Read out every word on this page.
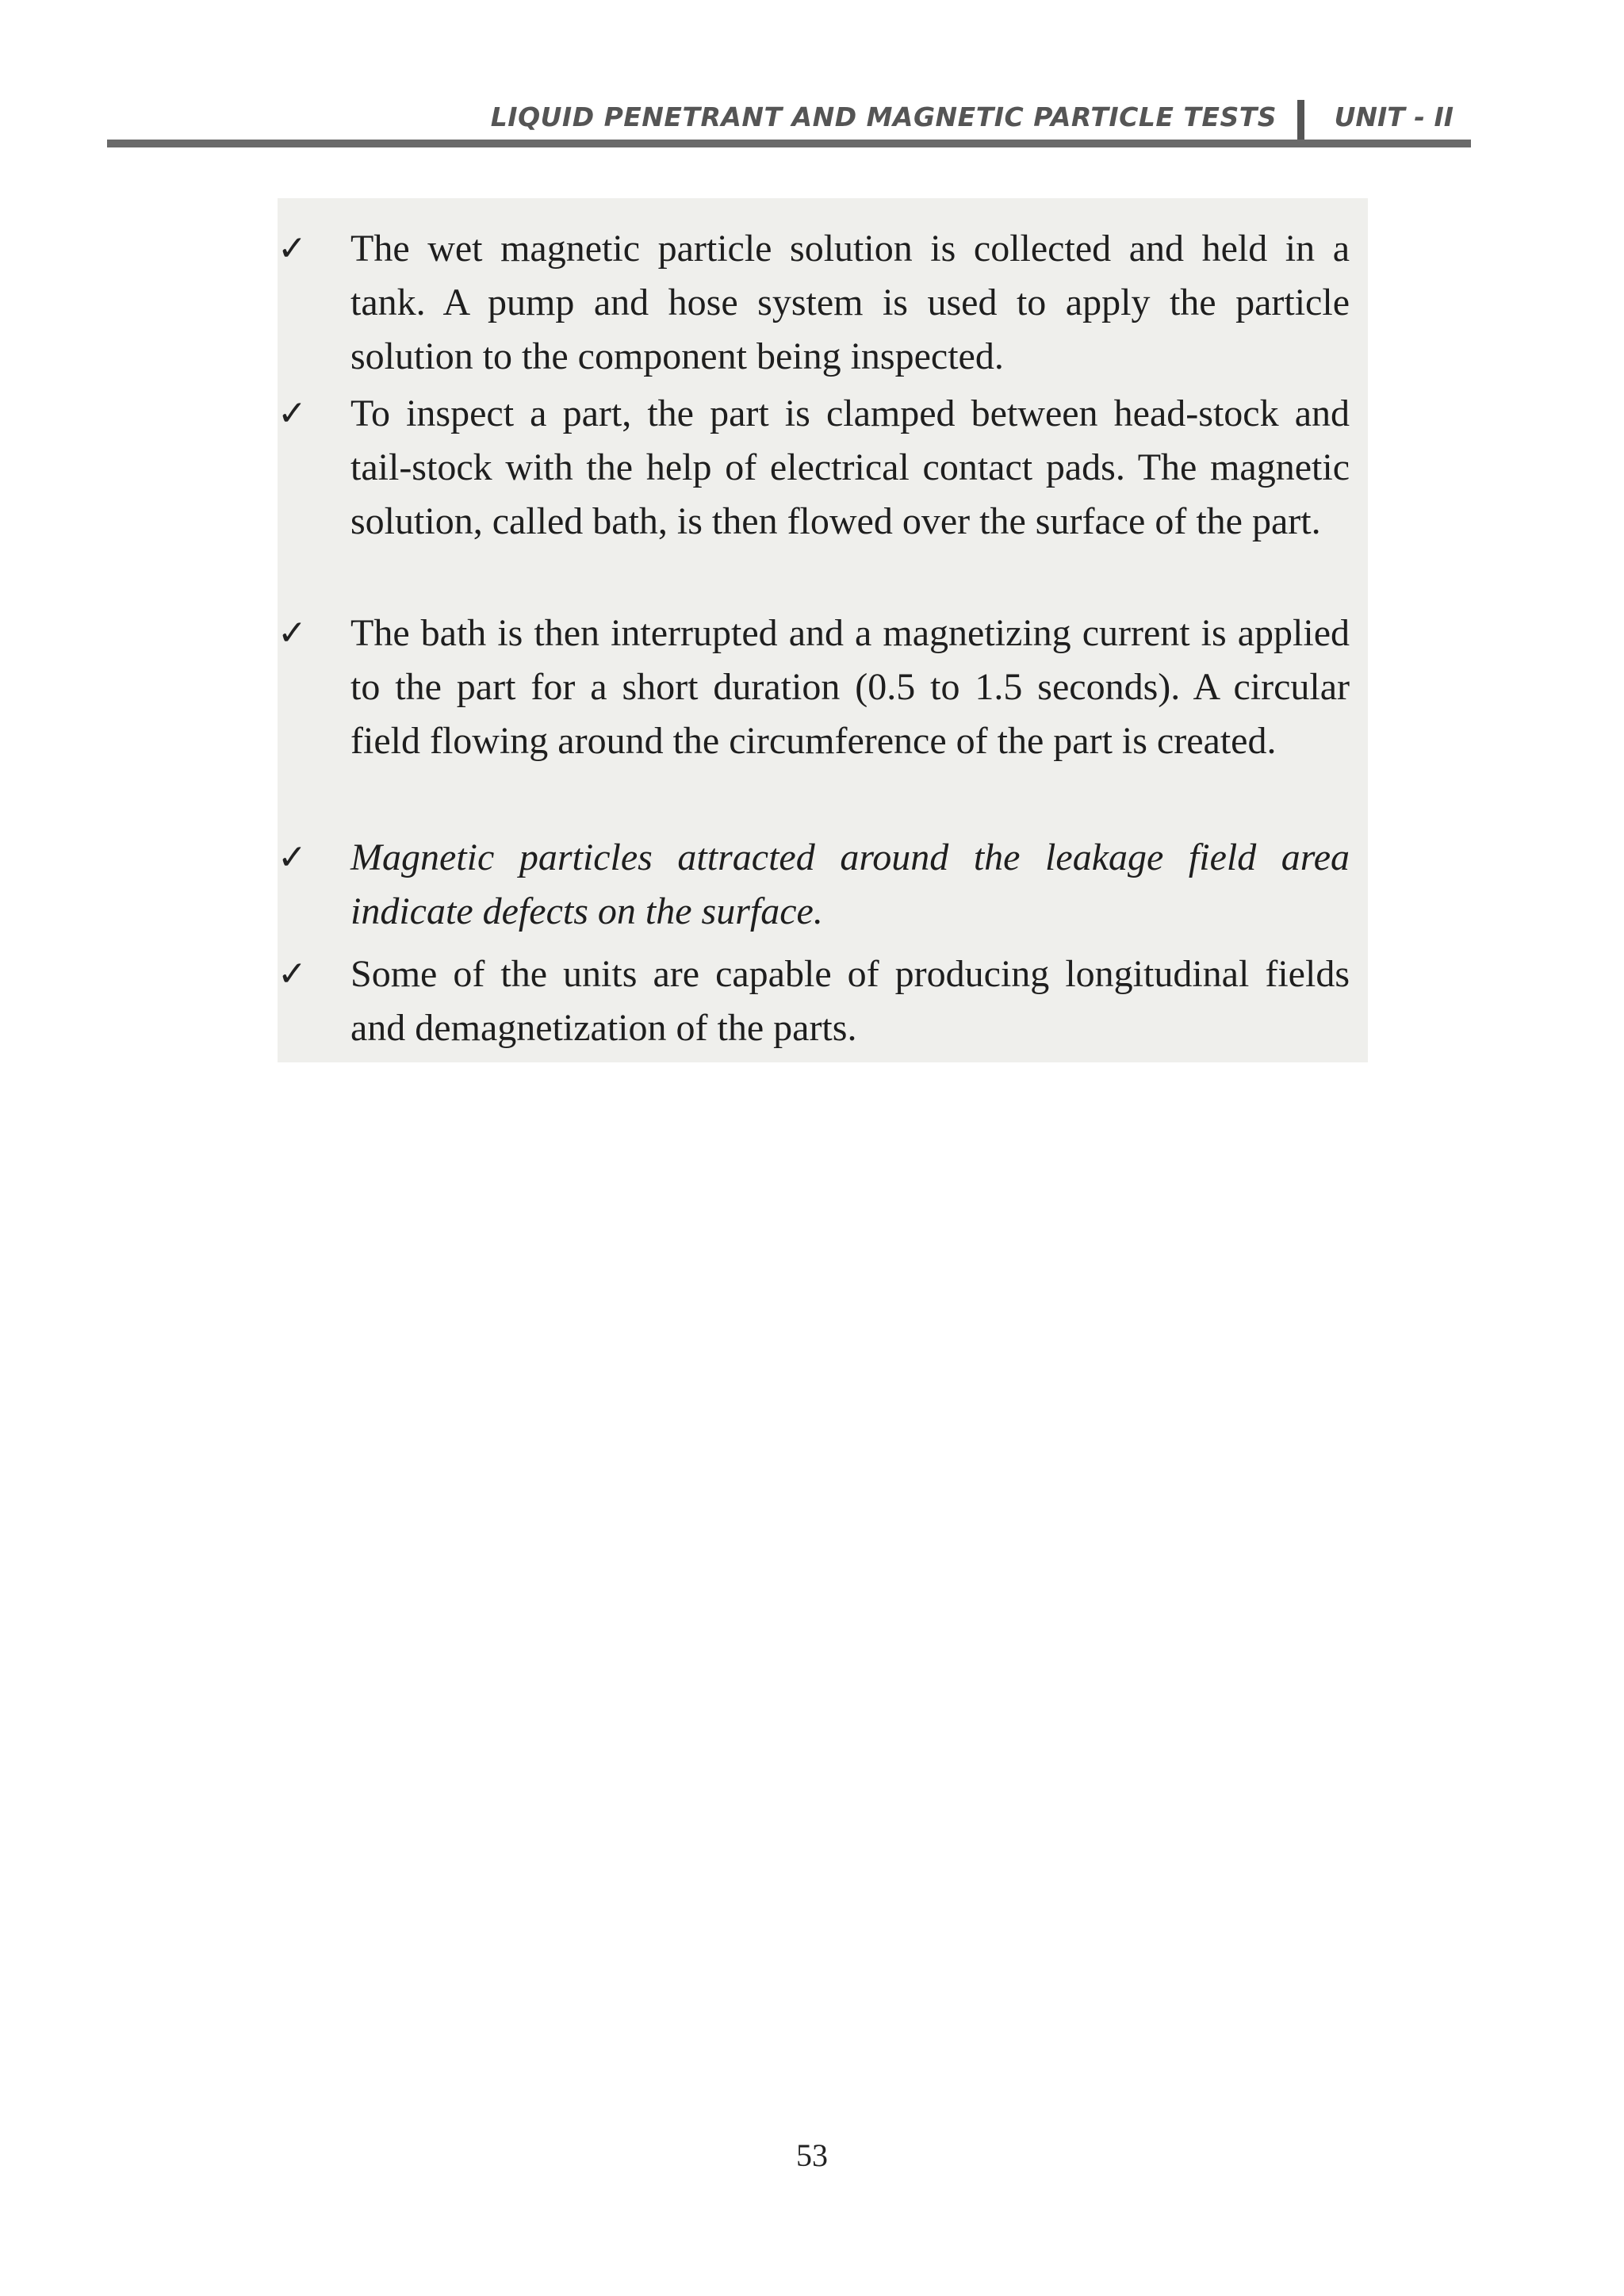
LIQUID PENETRANT AND MAGNETIC PARTICLE TESTS UNIT - II
✓ The wet magnetic particle solution is collected and held in a tank. A pump and hose system is used to apply the particle solution to the component being inspected.
✓ To inspect a part, the part is clamped between head-stock and tail-stock with the help of electrical contact pads. The magnetic solution, called bath, is then flowed over the surface of the part.
✓ The bath is then interrupted and a magnetizing current is applied to the part for a short duration (0.5 to 1.5 seconds). A circular field flowing around the circumference of the part is created.
✓ Magnetic particles attracted around the leakage field area indicate defects on the surface.
✓ Some of the units are capable of producing longitudinal fields and demagnetization of the parts.
53
